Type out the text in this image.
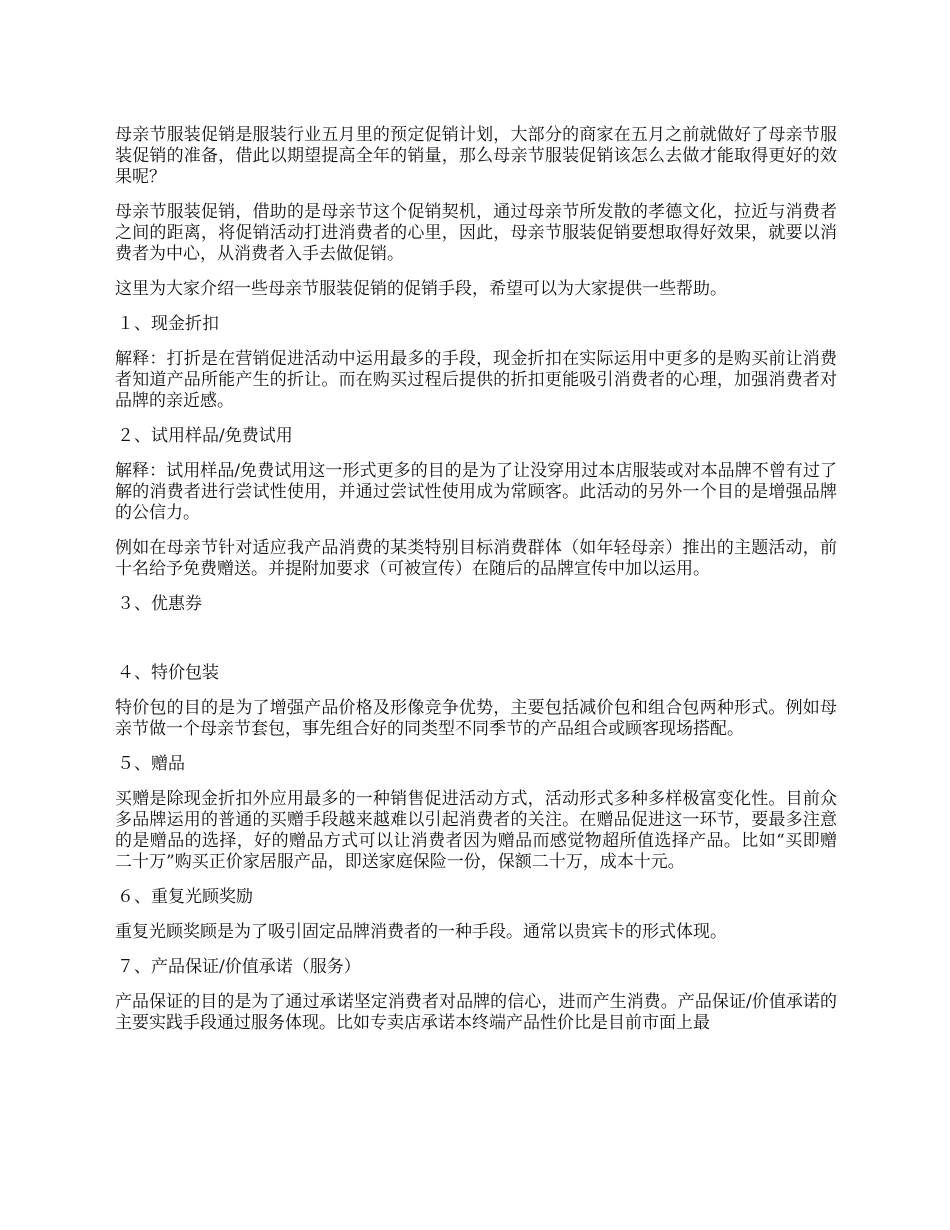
母亲节服装促销是服装行业五月里的预定促销计划，大部分的商家在五月之前就做好了母亲节服装促销的准备，借此以期望提高全年的销量，那么母亲节服装促销该怎么去做才能取得更好的效果呢？

母亲节服装促销，借助的是母亲节这个促销契机，通过母亲节所发散的孝德文化，拉近与消费者之间的距离，将促销活动打进消费者的心里，因此，母亲节服装促销要想取得好效果，就要以消费者为中心，从消费者入手去做促销。

这里为大家介绍一些母亲节服装促销的促销手段，希望可以为大家提供一些帮助。

１、现金折扣

解释：打折是在营销促进活动中运用最多的手段，现金折扣在实际运用中更多的是购买前让消费者知道产品所能产生的折让。而在购买过程后提供的折扣更能吸引消费者的心理，加强消费者对品牌的亲近感。

２、试用样品/免费试用

解释：试用样品/免费试用这一形式更多的目的是为了让没穿用过本店服装或对本品牌不曾有过了解的消费者进行尝试性使用，并通过尝试性使用成为常顾客。此活动的另外一个目的是增强品牌的公信力。

例如在母亲节针对适应我产品消费的某类特别目标消费群体（如年轻母亲）推出的主题活动，前十名给予免费赠送。并提附加要求（可被宣传）在随后的品牌宣传中加以运用。

３、优惠券

４、特价包装

特价包的目的是为了增强产品价格及形像竞争优势，主要包括减价包和组合包两种形式。例如母亲节做一个母亲节套包，事先组合好的同类型不同季节的产品组合或顾客现场搭配。

５、赠品

买赠是除现金折扣外应用最多的一种销售促进活动方式，活动形式多种多样极富变化性。目前众多品牌运用的普通的买赠手段越来越难以引起消费者的关注。在赠品促进这一环节，要最多注意的是赠品的选择，好的赠品方式可以让消费者因为赠品而感觉物超所值选择产品。比如“买即赠二十万”购买正价家居服产品，即送家庭保险一份，保额二十万，成本十元。

６、重复光顾奖励

重复光顾奖顾是为了吸引固定品牌消费者的一种手段。通常以贵宾卡的形式体现。

７、产品保证/价值承诺（服务）

产品保证的目的是为了通过承诺坚定消费者对品牌的信心，进而产生消费。产品保证/价值承诺的主要实践手段通过服务体现。比如专卖店承诺本终端产品性价比是目前市面上最
